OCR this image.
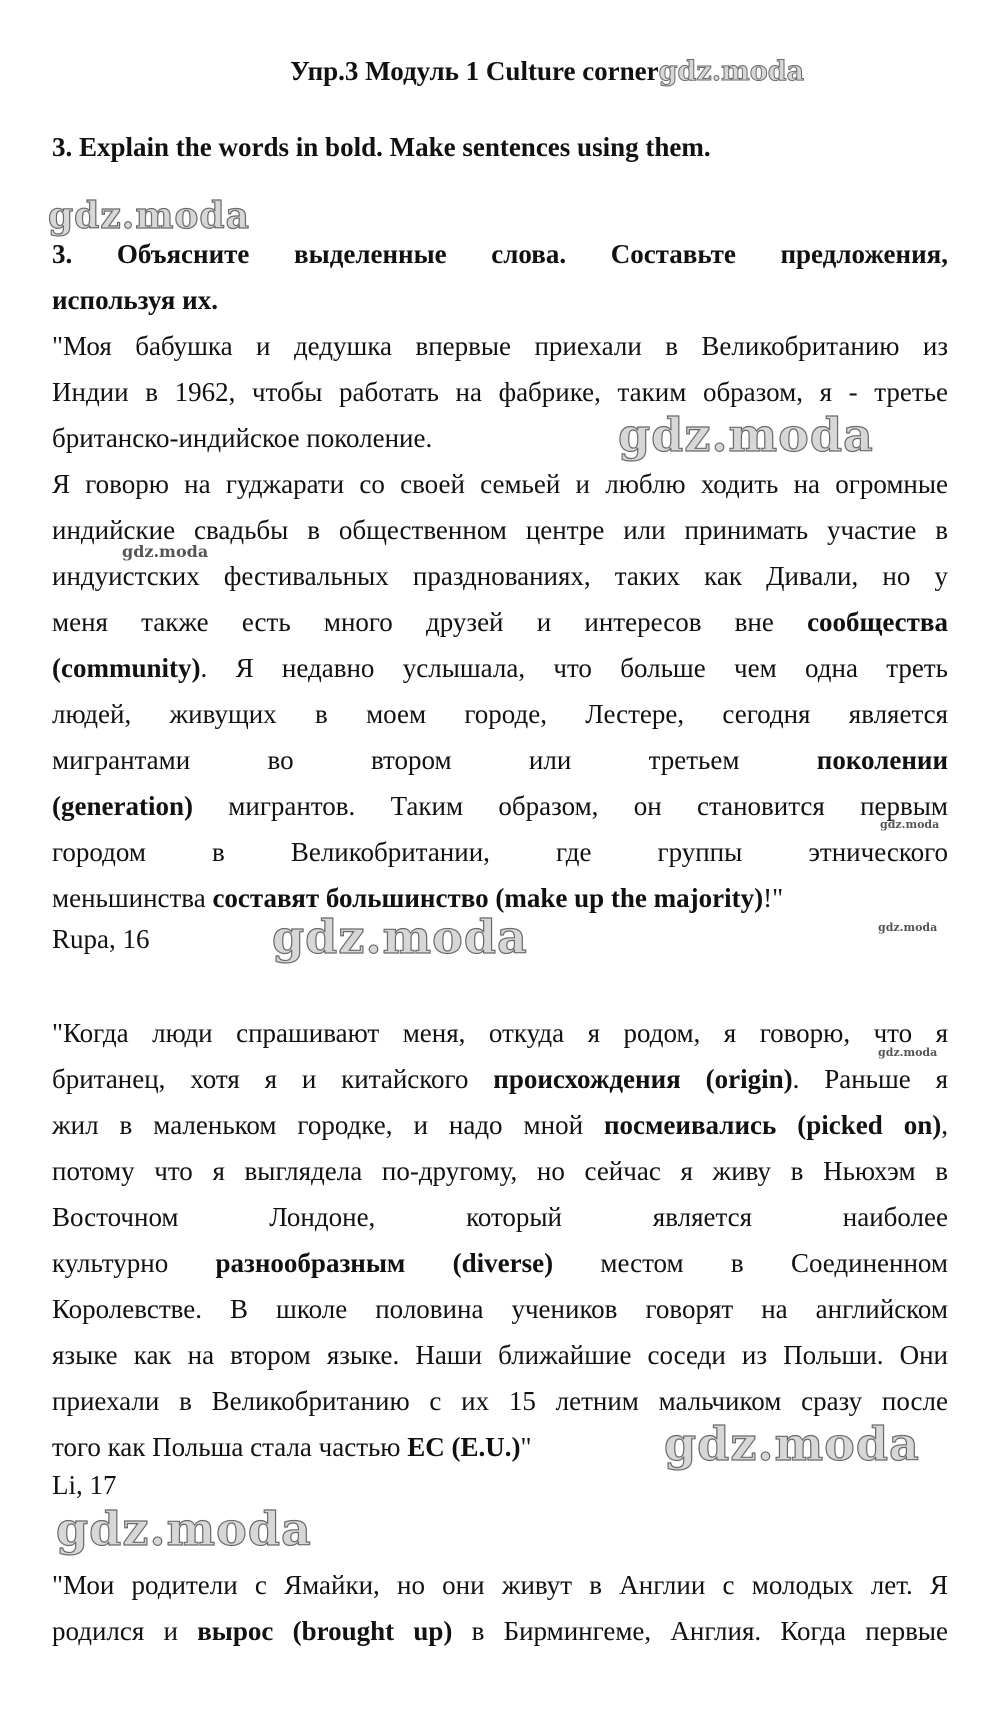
Упр.3 Модуль 1 Culture cornergdz.moda
3. Explain the words in bold. Make sentences using them.
gdz.moda
3. Объясните выделенные слова. Составьте предложения,
используя их.
"Моя бабушка и дедушка впервые приехали в Великобританию из
Индии в 1962, чтобы работать на фабрике, таким образом, я - третье
британско-индийское поколение.	gdz.moda
Я говорю на гуджарати со своей семьей и люблю ходить на огромные
индийские свадьбы в общественном центре или принимать участие в
gdz.moda
индуистских фестивальных празднованиях, таких как Дивали, но у
меня также есть много друзей и интересов вне сообщества
(community). Я недавно услышала, что больше чем одна треть
людей, живущих в моем городе, Лестере, сегодня является
мигрантами во втором или третьем поколении
(generation) мигрантов. Таким образом, он становится первым
gdz.moda
городом в Великобритании, где группы этнического
меньшинства составят большинство (make up the majority)!"
gdz.moda
Rupa, 16	gdz.moda
"Когда люди спрашивают меня, откуда я родом, я говорю, что я
gdz.moda
британец, хотя я и китайского происхождения (origin). Раньше я
жил в маленьком городке, и надо мной посмеивались (picked on),
потому что я выглядела по-другому, но сейчас я живу в Ньюхэм в
Восточном Лондоне, который является наиболее
культурно разнообразным (diverse) местом в Соединенном
Королевстве. В школе половина учеников говорят на английском
языке как на втором языке. Наши ближайшие соседи из Польши. Они
приехали в Великобританию с их 15 летним мальчиком сразу после
того как Польша стала частью ЕС (E.U.)"	gdz.moda
Li, 17
gdz.moda
"Мои родители с Ямайки, но они живут в Англии с молодых лет. Я
родился и вырос (brought up) в Бирмингеме, Англия. Когда первые
